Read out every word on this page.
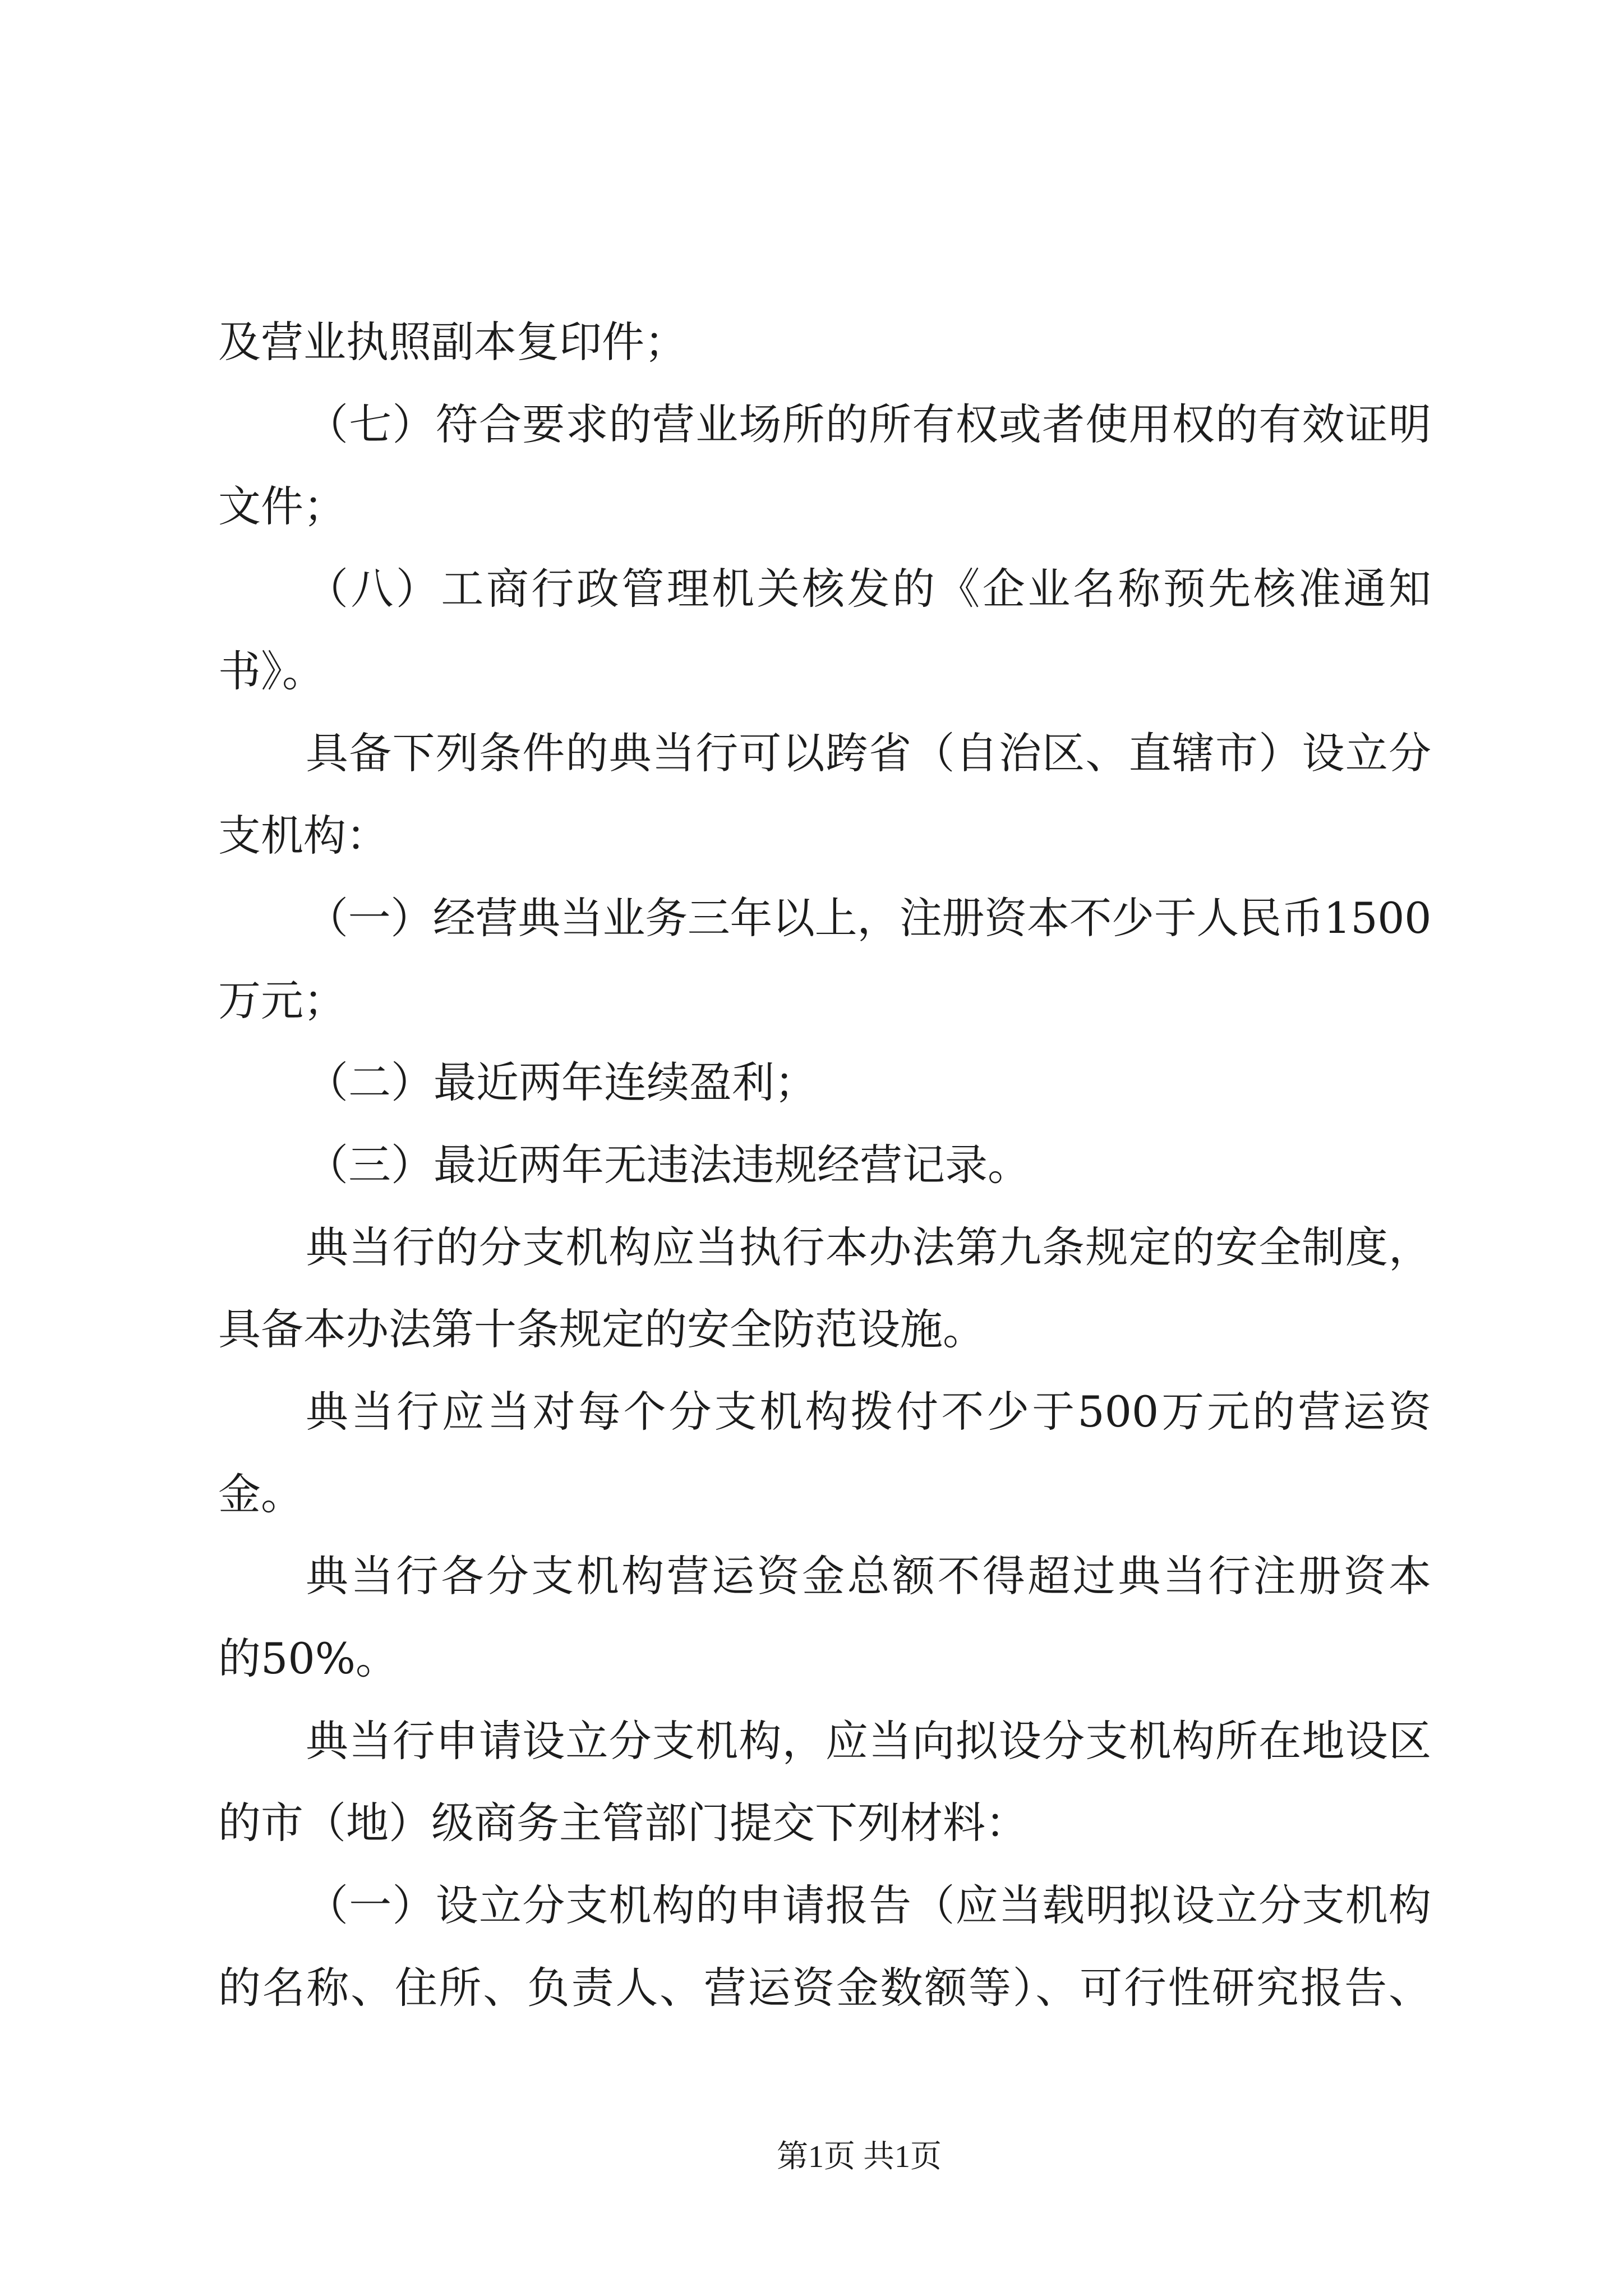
及营业执照副本复印件；
（七）符合要求的营业场所的所有权或者使用权的有效证明
文件；
（八）工商行政管理机关核发的《企业名称预先核准通知
书》。
具备下列条件的典当行可以跨省（自治区、直辖市）设立分
支机构：
（一）经营典当业务三年以上，注册资本不少于人民币1500
万元；
（二）最近两年连续盈利；
（三）最近两年无违法违规经营记录。
典当行的分支机构应当执行本办法第九条规定的安全制度，
具备本办法第十条规定的安全防范设施。
典当行应当对每个分支机构拨付不少于500万元的营运资
金。
典当行各分支机构营运资金总额不得超过典当行注册资本
的50%。
典当行申请设立分支机构，应当向拟设分支机构所在地设区
的市（地）级商务主管部门提交下列材料：
（一）设立分支机构的申请报告（应当载明拟设立分支机构
的名称、住所、负责人、营运资金数额等）、可行性研究报告、
第1页 共1页
